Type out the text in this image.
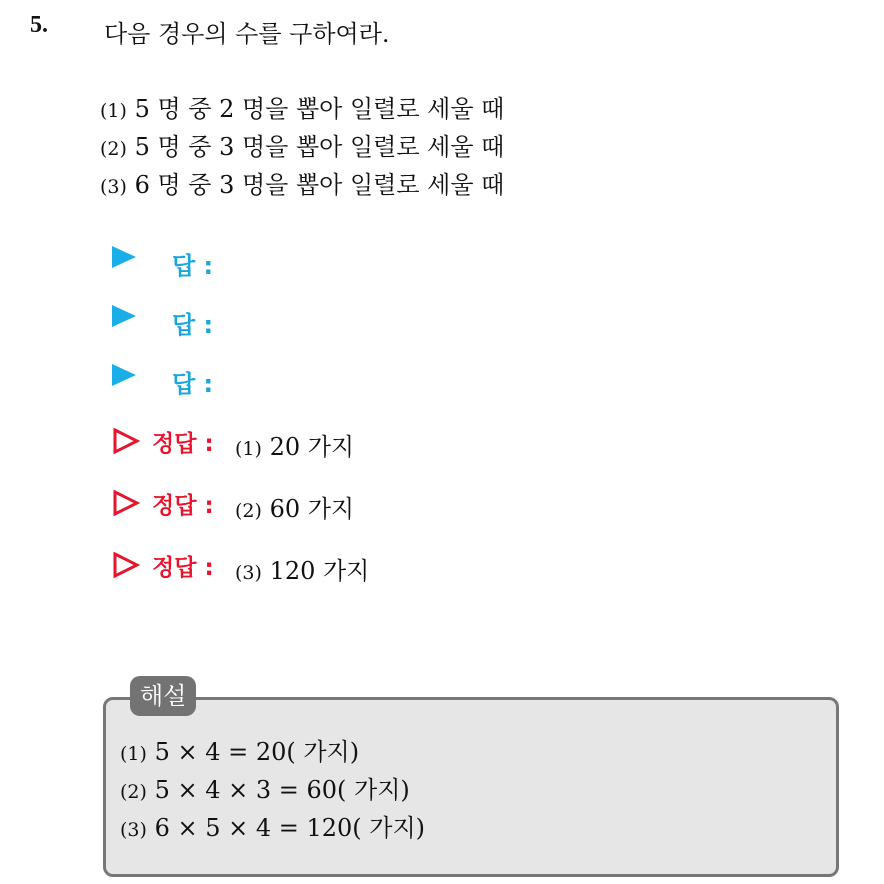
5. 다음 경우의 수를 구하여라.
(1) 5 명 중 2 명을 뽑아 일렬로 세울 때
(2) 5 명 중 3 명을 뽑아 일렬로 세울 때
(3) 6 명 중 3 명을 뽑아 일렬로 세울 때
답 :
답 :
답 :
정답 : (1) 20 가지
정답 : (2) 60 가지
정답 : (3) 120 가지
해설
(1) 5 × 4 = 20( 가지)
(2) 5 × 4 × 3 = 60( 가지)
(3) 6 × 5 × 4 = 120( 가지)
